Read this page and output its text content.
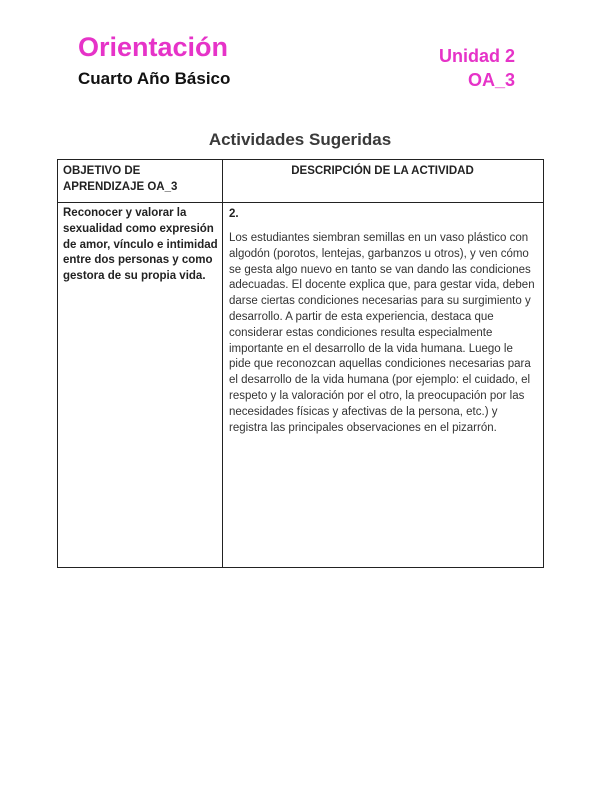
Orientación
Cuarto Año Básico
Unidad 2
OA_3
Actividades Sugeridas
OBJETIVO DE APRENDIZAJE OA_3
DESCRIPCIÓN DE LA ACTIVIDAD
Reconocer y valorar la sexualidad como expresión de amor, vínculo e intimidad entre dos personas y como gestora de su propia vida.
2.
Los estudiantes siembran semillas en un vaso plástico con algodón (porotos, lentejas, garbanzos u otros), y ven cómo se gesta algo nuevo en tanto se van dando las condiciones adecuadas. El docente explica que, para gestar vida, deben darse ciertas condiciones necesarias para su surgimiento y desarrollo. A partir de esta experiencia, destaca que considerar estas condiciones resulta especialmente importante en el desarrollo de la vida humana. Luego le pide que reconozcan aquellas condiciones necesarias para el desarrollo de la vida humana (por ejemplo: el cuidado, el respeto y la valoración por el otro, la preocupación por las necesidades físicas y afectivas de la persona, etc.) y registra las principales observaciones en el pizarrón.
